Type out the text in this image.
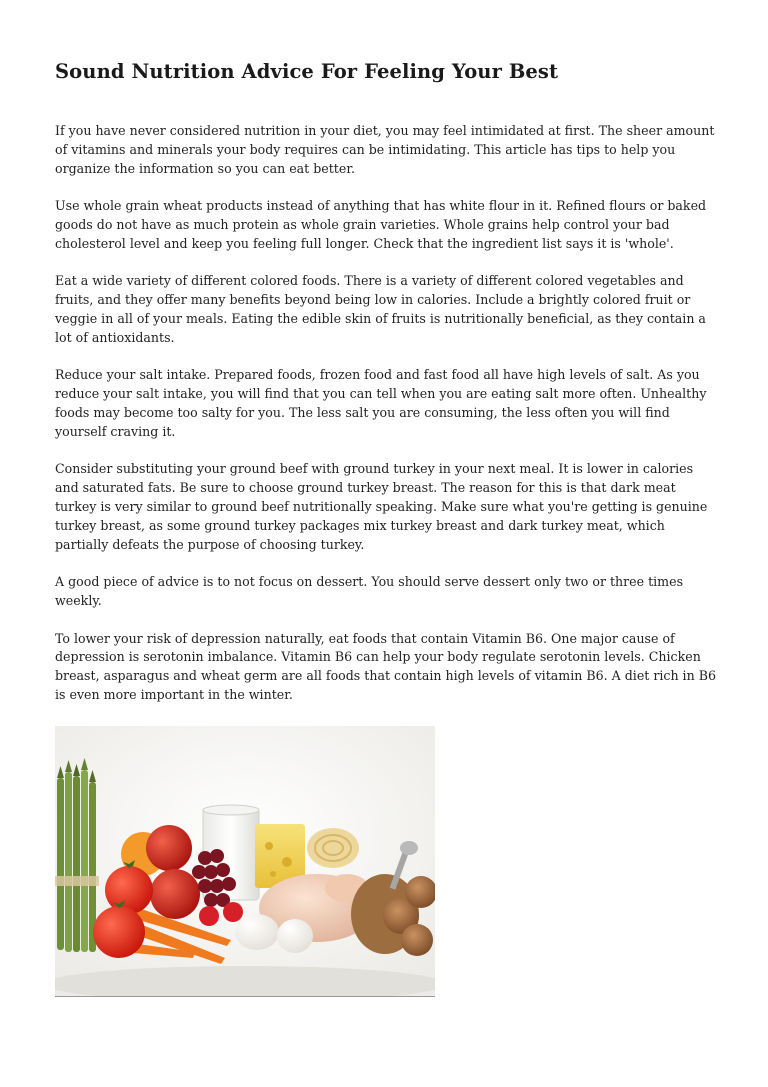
Sound Nutrition Advice For Feeling Your Best

If you have never considered nutrition in your diet, you may feel intimidated at first. The sheer amount of vitamins and minerals your body requires can be intimidating. This article has tips to help you organize the information so you can eat better.

Use whole grain wheat products instead of anything that has white flour in it. Refined flours or baked goods do not have as much protein as whole grain varieties. Whole grains help control your bad cholesterol level and keep you feeling full longer. Check that the ingredient list says it is 'whole'.

Eat a wide variety of different colored foods. There is a variety of different colored vegetables and fruits, and they offer many benefits beyond being low in calories. Include a brightly colored fruit or veggie in all of your meals. Eating the edible skin of fruits is nutritionally beneficial, as they contain a lot of antioxidants.

Reduce your salt intake. Prepared foods, frozen food and fast food all have high levels of salt. As you reduce your salt intake, you will find that you can tell when you are eating salt more often. Unhealthy foods may become too salty for you. The less salt you are consuming, the less often you will find yourself craving it.

Consider substituting your ground beef with ground turkey in your next meal. It is lower in calories and saturated fats. Be sure to choose ground turkey breast. The reason for this is that dark meat turkey is very similar to ground beef nutritionally speaking. Make sure what you're getting is genuine turkey breast, as some ground turkey packages mix turkey breast and dark turkey meat, which partially defeats the purpose of choosing turkey.

A good piece of advice is to not focus on dessert. You should serve dessert only two or three times weekly.

To lower your risk of depression naturally, eat foods that contain Vitamin B6. One major cause of depression is serotonin imbalance. Vitamin B6 can help your body regulate serotonin levels. Chicken breast, asparagus and wheat germ are all foods that contain high levels of vitamin B6. A diet rich in B6 is even more important in the winter.
